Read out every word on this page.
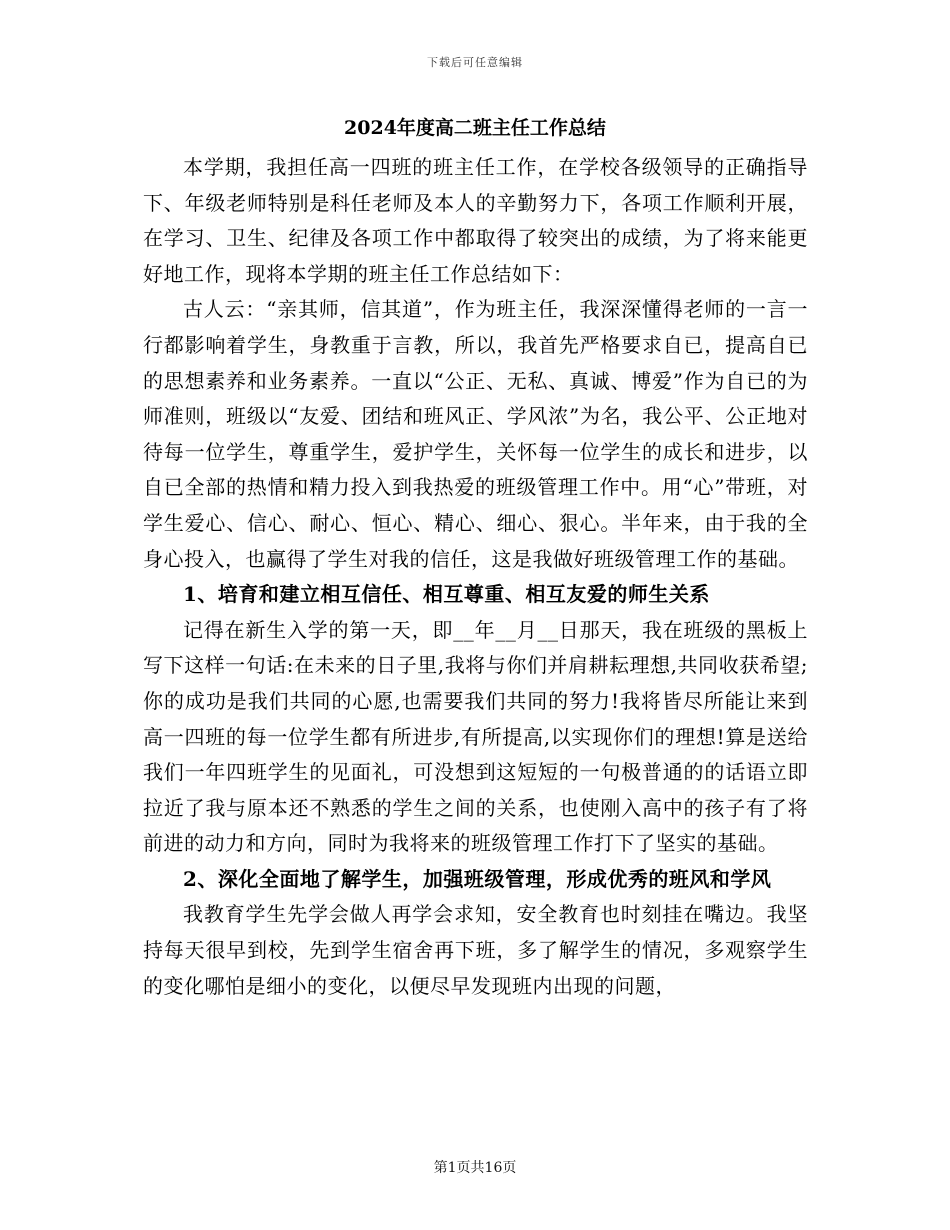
下载后可任意编辑
2024年度高二班主任工作总结

本学期，我担任高一四班的班主任工作，在学校各级领导的正确指导下、年级老师特别是科任老师及本人的辛勤努力下，各项工作顺利开展，在学习、卫生、纪律及各项工作中都取得了较突出的成绩，为了将来能更好地工作，现将本学期的班主任工作总结如下：

古人云：“亲其师，信其道”，作为班主任，我深深懂得老师的一言一行都影响着学生，身教重于言教，所以，我首先严格要求自已，提高自已的思想素养和业务素养。一直以“公正、无私、真诚、博爱”作为自已的为师准则，班级以“友爱、团结和班风正、学风浓”为名，我公平、公正地对待每一位学生，尊重学生，爱护学生，关怀每一位学生的成长和进步，以自已全部的热情和精力投入到我热爱的班级管理工作中。用“心”带班，对学生爱心、信心、耐心、恒心、精心、细心、狠心。半年来，由于我的全身心投入，也赢得了学生对我的信任，这是我做好班级管理工作的基础。

1、培育和建立相互信任、相互尊重、相互友爱的师生关系

记得在新生入学的第一天，即__年__月__日那天，我在班级的黑板上写下这样一句话:在未来的日子里,我将与你们并肩耕耘理想,共同收获希望;你的成功是我们共同的心愿,也需要我们共同的努力!我将皆尽所能让来到高一四班的每一位学生都有所进步,有所提高,以实现你们的理想!算是送给我们一年四班学生的见面礼，可没想到这短短的一句极普通的的话语立即拉近了我与原本还不熟悉的学生之间的关系，也使刚入高中的孩子有了将前进的动力和方向，同时为我将来的班级管理工作打下了坚实的基础。

2、深化全面地了解学生，加强班级管理，形成优秀的班风和学风

我教育学生先学会做人再学会求知，安全教育也时刻挂在嘴边。我坚持每天很早到校，先到学生宿舍再下班，多了解学生的情况，多观察学生的变化哪怕是细小的变化，以便尽早发现班内出现的问题，

第1页共16页
